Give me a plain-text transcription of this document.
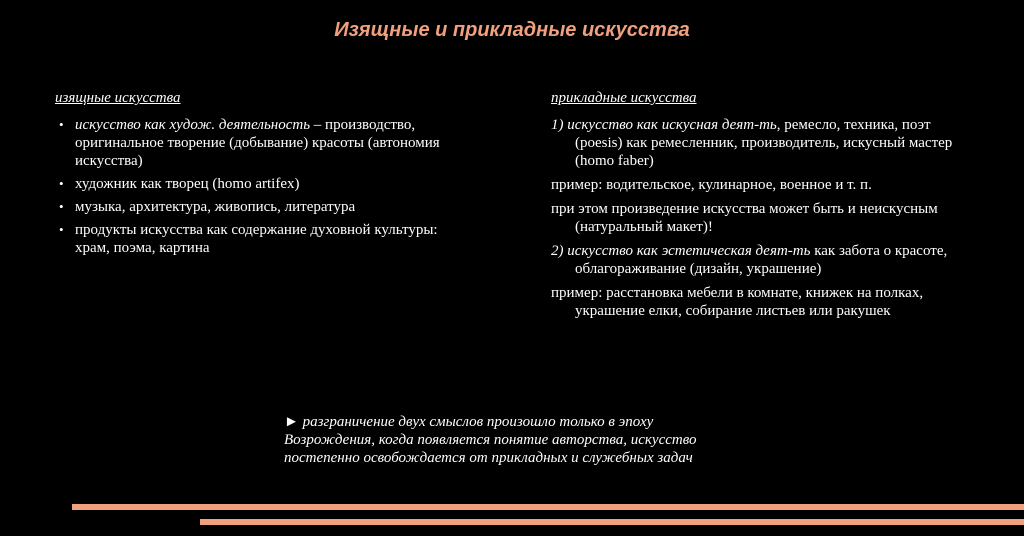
Изящные и прикладные искусства
изящные искусства
• искусство как худож. деятельность – производство, оригинальное творение (добывание) красоты (автономия искусства)
• художник как творец (homo artifex)
• музыка, архитектура, живопись, литература
• продукты искусства как содержание духовной культуры: храм, поэма, картина
прикладные искусства

1) искусство как искусная деят-ть, ремесло, техника, поэт (poesis) как ремесленник, производитель, искусный мастер (homo faber)

пример: водительское, кулинарное, военное и т. п.

при этом произведение искусства может быть и неискусным (натуральный макет)!

2) искусство как эстетическая деят-ть как забота о красоте, облагораживание (дизайн, украшение)

пример: расстановка мебели в комнате, книжек на полках, украшение елки, собирание листьев или ракушек

► разграничение двух смыслов произошло только в эпоху Возрождения, когда появляется понятие авторства, искусство постепенно освобождается от прикладных и служебных задач
